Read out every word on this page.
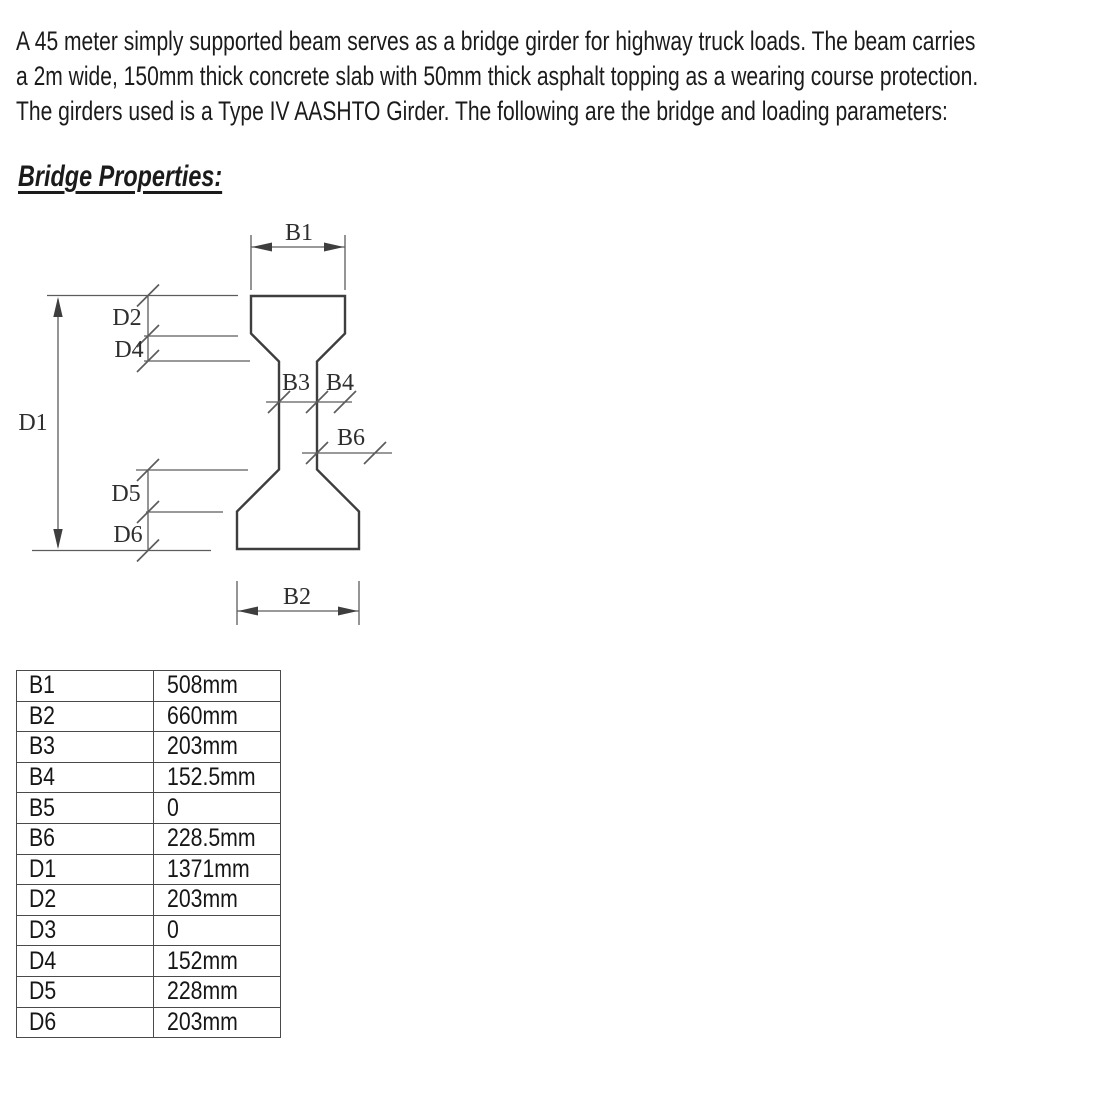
A 45 meter simply supported beam serves as a bridge girder for highway truck loads. The beam carries a 2m wide, 150mm thick concrete slab with 50mm thick asphalt topping as a wearing course protection. The girders used is a Type IV AASHTO Girder. The following are the bridge and loading parameters:
Bridge Properties:
B1
D1
D2
D4
D5
D6
B3 B4
B6
B2
B1	508mm
B2	660mm
B3	203mm
B4	152.5mm
B5	0
B6	228.5mm
D1	1371mm
D2	203mm
D3	0
D4	152mm
D5	228mm
D6	203mm
